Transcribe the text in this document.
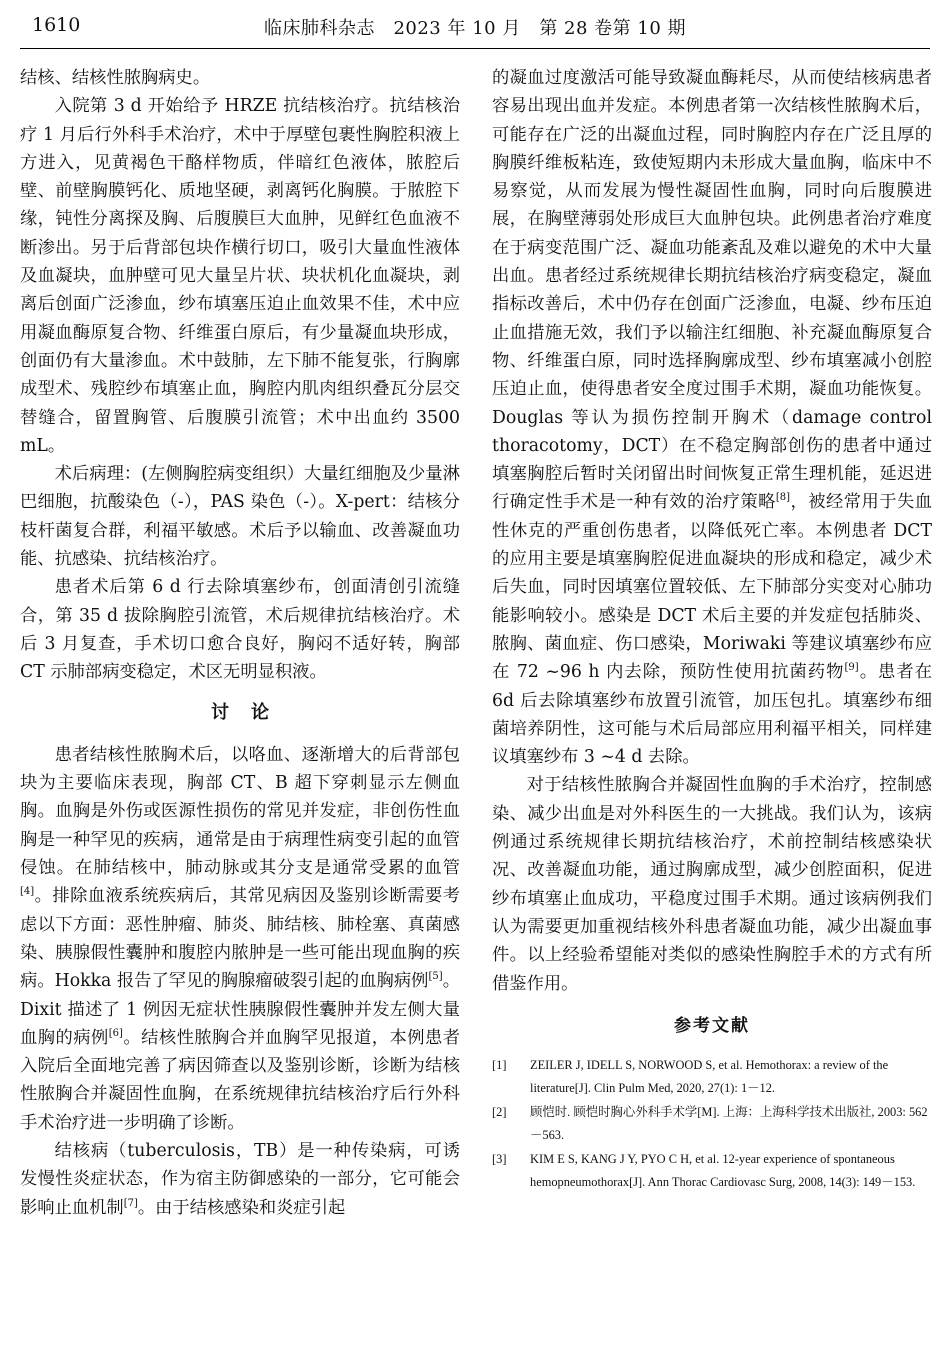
1610	临床肺科杂志　2023 年 10 月　第 28 卷第 10 期

结核、结核性脓胸病史。

入院第 3 d 开始给予 HRZE 抗结核治疗。抗结核治疗 1 月后行外科手术治疗，术中于厚壁包裹性胸腔积液上方进入，见黄褐色干酪样物质，伴暗红色液体，脓腔后壁、前壁胸膜钙化、质地坚硬，剥离钙化胸膜。于脓腔下缘，钝性分离探及胸、后腹膜巨大血肿，见鲜红色血液不断渗出。另于后背部包块作横行切口，吸引大量血性液体及血凝块，血肿壁可见大量呈片状、块状机化血凝块，剥离后创面广泛渗血，纱布填塞压迫止血效果不佳，术中应用凝血酶原复合物、纤维蛋白原后，有少量凝血块形成，创面仍有大量渗血。术中鼓肺，左下肺不能复张，行胸廓成型术、残腔纱布填塞止血，胸腔内肌肉组织叠瓦分层交替缝合，留置胸管、后腹膜引流管；术中出血约 3500 mL。

术后病理：(左侧胸腔病变组织）大量红细胞及少量淋巴细胞，抗酸染色（-），PAS 染色（-）。X-pert：结核分枝杆菌复合群，利福平敏感。术后予以输血、改善凝血功能、抗感染、抗结核治疗。

患者术后第 6 d 行去除填塞纱布，创面清创引流缝合，第 35 d 拔除胸腔引流管，术后规律抗结核治疗。术后 3 月复查，手术切口愈合良好，胸闷不适好转，胸部 CT 示肺部病变稳定，术区无明显积液。

讨论

患者结核性脓胸术后，以咯血、逐渐增大的后背部包块为主要临床表现，胸部 CT、B 超下穿刺显示左侧血胸。血胸是外伤或医源性损伤的常见并发症，非创伤性血胸是一种罕见的疾病，通常是由于病理性病变引起的血管侵蚀。在肺结核中，肺动脉或其分支是通常受累的血管[4]。排除血液系统疾病后，其常见病因及鉴别诊断需要考虑以下方面：恶性肿瘤、肺炎、肺结核、肺栓塞、真菌感染、胰腺假性囊肿和腹腔内脓肿是一些可能出现血胸的疾病。Hokka 报告了罕见的胸腺瘤破裂引起的血胸病例[5]。Dixit 描述了 1 例因无症状性胰腺假性囊肿并发左侧大量血胸的病例[6]。结核性脓胸合并血胸罕见报道，本例患者入院后全面地完善了病因筛查以及鉴别诊断，诊断为结核性脓胸合并凝固性血胸，在系统规律抗结核治疗后行外科手术治疗进一步明确了诊断。

结核病（tuberculosis，TB）是一种传染病，可诱发慢性炎症状态，作为宿主防御感染的一部分，它可能会影响止血机制[7]。由于结核感染和炎症引起

的凝血过度激活可能导致凝血酶耗尽，从而使结核病患者容易出现出血并发症。本例患者第一次结核性脓胸术后，可能存在广泛的出凝血过程，同时胸腔内存在广泛且厚的胸膜纤维板粘连，致使短期内未形成大量血胸，临床中不易察觉，从而发展为慢性凝固性血胸，同时向后腹膜进展，在胸壁薄弱处形成巨大血肿包块。此例患者治疗难度在于病变范围广泛、凝血功能紊乱及难以避免的术中大量出血。患者经过系统规律长期抗结核治疗病变稳定，凝血指标改善后，术中仍存在创面广泛渗血，电凝、纱布压迫止血措施无效，我们予以输注红细胞、补充凝血酶原复合物、纤维蛋白原，同时选择胸廓成型、纱布填塞减小创腔压迫止血，使得患者安全度过围手术期，凝血功能恢复。Douglas 等认为损伤控制开胸术（damage control thoracotomy，DCT）在不稳定胸部创伤的患者中通过填塞胸腔后暂时关闭留出时间恢复正常生理机能，延迟进行确定性手术是一种有效的治疗策略[8]，被经常用于失血性休克的严重创伤患者，以降低死亡率。本例患者 DCT 的应用主要是填塞胸腔促进血凝块的形成和稳定，减少术后失血，同时因填塞位置较低、左下肺部分实变对心肺功能影响较小。感染是 DCT 术后主要的并发症包括肺炎、脓胸、菌血症、伤口感染，Moriwaki 等建议填塞纱布应在 72 ~96 h 内去除，预防性使用抗菌药物[9]。患者在 6d 后去除填塞纱布放置引流管，加压包扎。填塞纱布细菌培养阴性，这可能与术后局部应用利福平相关，同样建议填塞纱布 3 ~4 d 去除。

对于结核性脓胸合并凝固性血胸的手术治疗，控制感染、减少出血是对外科医生的一大挑战。我们认为，该病例通过系统规律长期抗结核治疗，术前控制结核感染状况、改善凝血功能，通过胸廓成型，减少创腔面积，促进纱布填塞止血成功，平稳度过围手术期。通过该病例我们认为需要更加重视结核外科患者凝血功能，减少出凝血事件。以上经验希望能对类似的感染性胸腔手术的方式有所借鉴作用。

参考文献
[1]	ZEILER J, IDELL S, NORWOOD S, et al. Hemothorax: a review of the literature[J]. Clin Pulm Med, 2020, 27(1): 1－12.
[2]	顾恺时. 顾恺时胸心外科手术学[M]. 上海：上海科学技术出版社, 2003: 562－563.
[3]	KIM E S, KANG J Y, PYO C H, et al. 12-year experience of spontaneous hemopneumothorax[J]. Ann Thorac Cardiovasc Surg, 2008, 14(3): 149－153.
